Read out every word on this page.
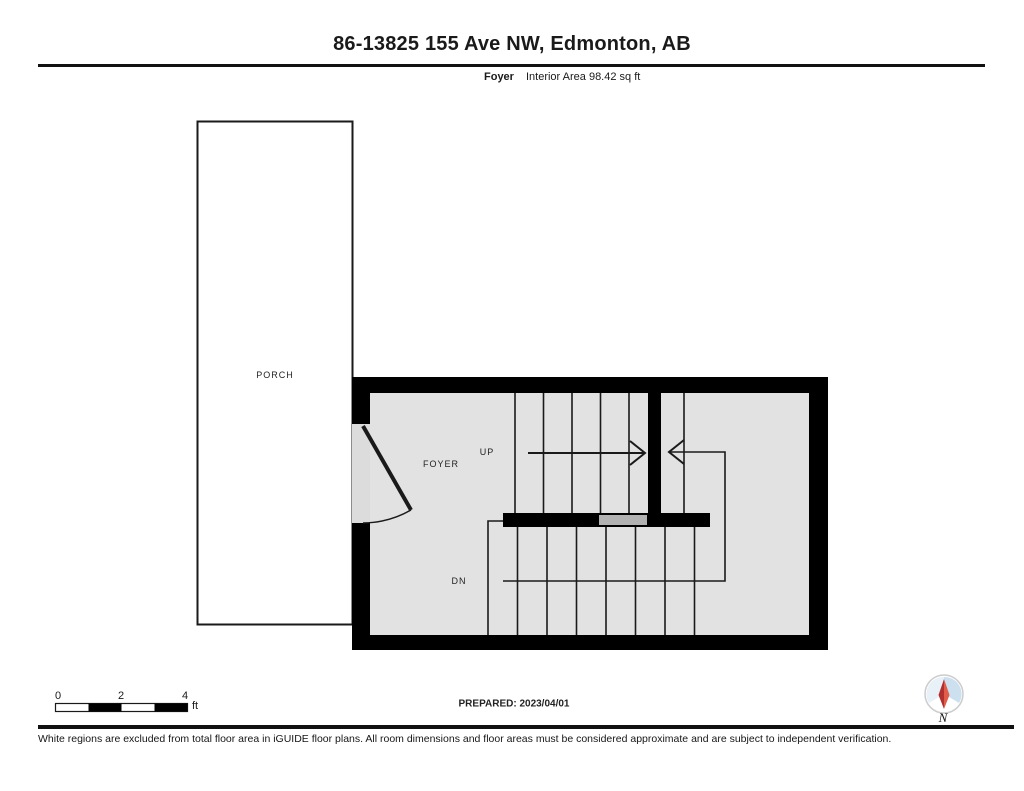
86-13825 155 Ave NW, Edmonton, AB
Foyer Interior Area 98.42 sq ft
PORCH
FOYER
UP
DN
0	2	4
ft	PREPARED: 2023/04/01
N
White regions are excluded from total floor area in iGUIDE floor plans. All room dimensions and floor areas must be considered approximate and are subject to independent verification.
